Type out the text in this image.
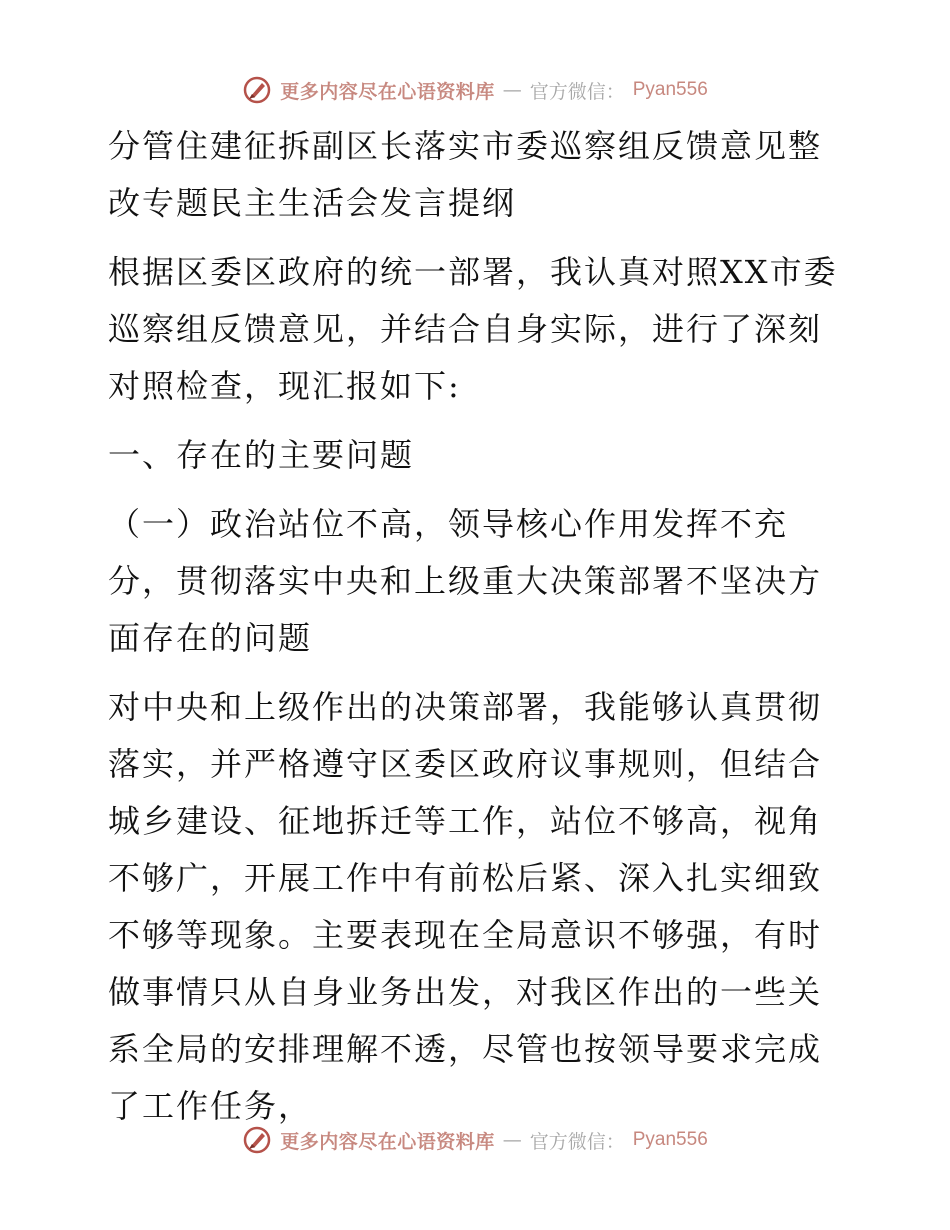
更多内容尽在心语资料库 — 官方微信： Pyan556

分管住建征拆副区长落实市委巡察组反馈意见整改专题民主生活会发言提纲

根据区委区政府的统一部署，我认真对照XX市委巡察组反馈意见，并结合自身实际，进行了深刻对照检查，现汇报如下:

一、存在的主要问题

（一）政治站位不高，领导核心作用发挥不充分，贯彻落实中央和上级重大决策部署不坚决方面存在的问题

对中央和上级作出的决策部署，我能够认真贯彻落实，并严格遵守区委区政府议事规则，但结合城乡建设、征地拆迁等工作，站位不够高，视角不够广，开展工作中有前松后紧、深入扎实细致不够等现象。主要表现在全局意识不够强，有时做事情只从自身业务出发，对我区作出的一些关系全局的安排理解不透，尽管也按领导要求完成了工作任务，

更多内容尽在心语资料库 — 官方微信： Pyan556
